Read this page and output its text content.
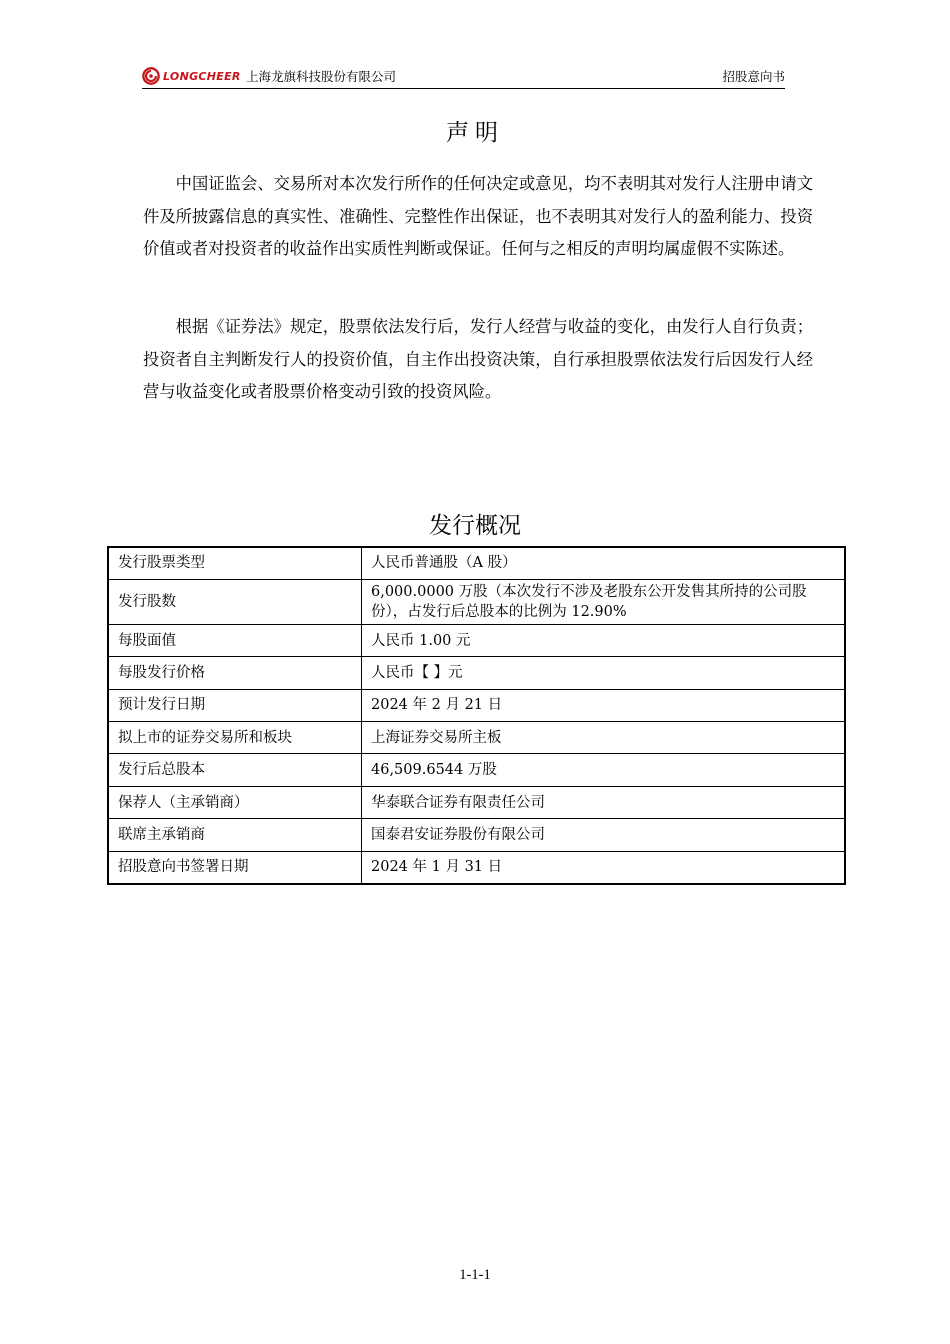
LONGCHEER 上海龙旗科技股份有限公司	招股意向书
声明

中国证监会、交易所对本次发行所作的任何决定或意见，均不表明其对发行人注册申请文件及所披露信息的真实性、准确性、完整性作出保证，也不表明其对发行人的盈利能力、投资价值或者对投资者的收益作出实质性判断或保证。任何与之相反的声明均属虚假不实陈述。

根据《证券法》规定，股票依法发行后，发行人经营与收益的变化，由发行人自行负责；投资者自主判断发行人的投资价值，自主作出投资决策，自行承担股票依法发行后因发行人经营与收益变化或者股票价格变动引致的投资风险。

发行概况
发行股票类型	人民币普通股（A 股）
发行股数	6,000.0000 万股（本次发行不涉及老股东公开发售其所持的公司股份），占发行后总股本的比例为 12.90%
每股面值	人民币 1.00 元
每股发行价格	人民币【 】元
预计发行日期	2024 年 2 月 21 日
拟上市的证券交易所和板块	上海证券交易所主板
发行后总股本	46,509.6544 万股
保荐人（主承销商）	华泰联合证券有限责任公司
联席主承销商	国泰君安证券股份有限公司
招股意向书签署日期	2024 年 1 月 31 日
1-1-1
